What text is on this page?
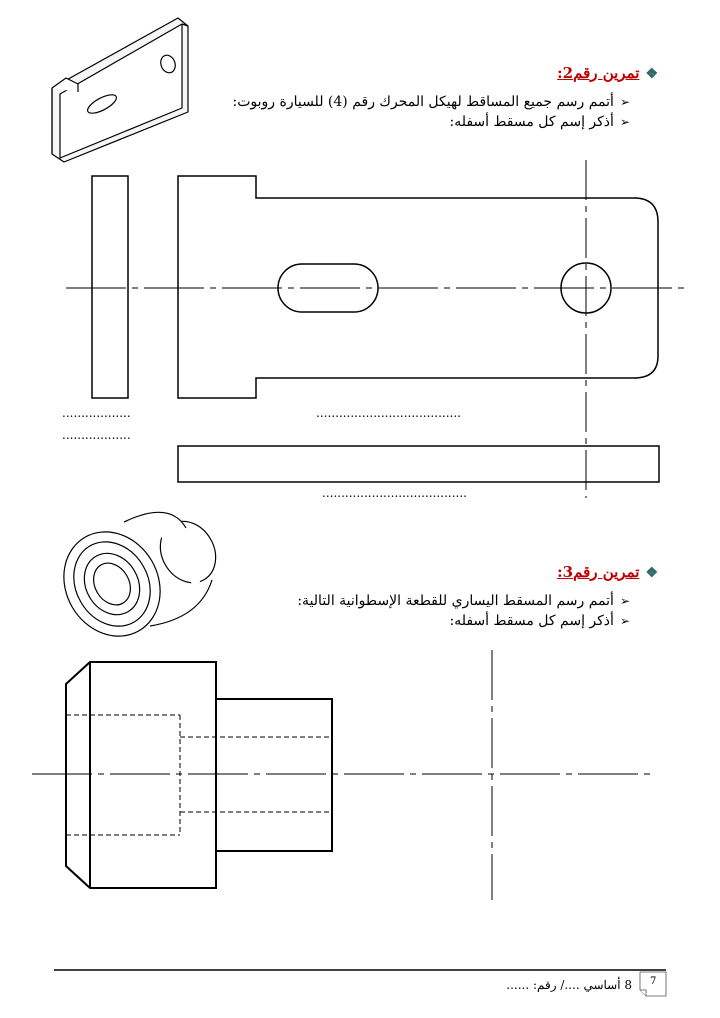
❖تمرين رقم2:
➢أتمم رسم جميع المساقط لهيكل المحرك رقم (4) للسيارة روبوت:
➢أذكر إسم كل مسقط أسفله:
..................
..................
......................................
......................................
❖تمرين رقم3:
➢أتمم رسم المسقط اليساري للقطعة الإسطوانية التالية:
➢أذكر إسم كل مسقط أسفله:
8 أساسي ..../ رقم: ...... 7
